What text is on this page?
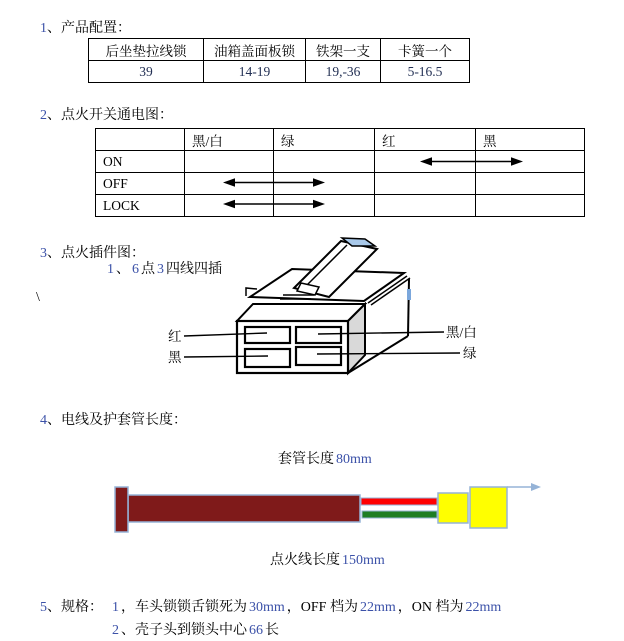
1、产品配置：
后坐垫拉线锁	油箱盖面板锁	铁架一支	卡簧一个
39	14-19	19,-36	5-16.5
2、点火开关通电图：
	黑/白	绿	红	黑
ON				
OFF				
LOCK				
3、点火插件图：
1 、 6 点 3 四线四插
\
红
黑
黑/白
绿
4、电线及护套管长度：
套管长度 80mm
点火线长度 150mm
5、规格： 1 ，车头锁锁舌锁死为 30mm ，OFF 档为 22mm ，ON 档为 22mm
2 、壳子头到锁头中心 66 长
